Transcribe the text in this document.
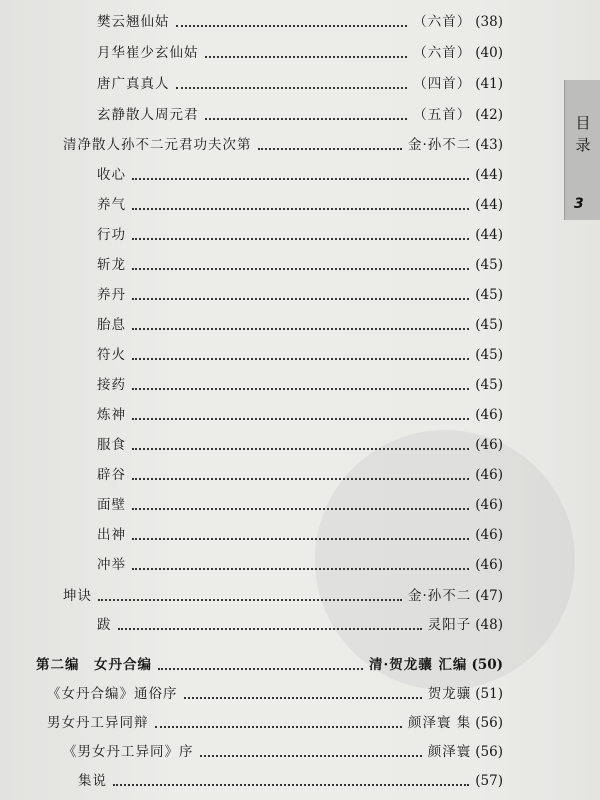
樊云翘仙姑	（六首） (38)
月华崔少玄仙姑	（六首） (40)
唐广真真人	（四首） (41)
玄静散人周元君	（五首） (42)
清净散人孙不二元君功夫次第	金·孙不二 (43)
收心	(44)
养气	(44)
行功	(44)
斩龙	(45)
养丹	(45)
胎息	(45)
符火	(45)
接药	(45)
炼神	(46)
服食	(46)
辟谷	(46)
面壁	(46)
出神	(46)
冲举	(46)
坤诀	金·孙不二 (47)
跋	灵阳子 (48)
第二编　女丹合编	清·贺龙骧 汇编 (50)
《女丹合编》通俗序	贺龙骧 (51)
男女丹工异同辩	颜泽寰 集 (56)
《男女丹工异同》序	颜泽寰 (56)
集说	(57)
目录
3
